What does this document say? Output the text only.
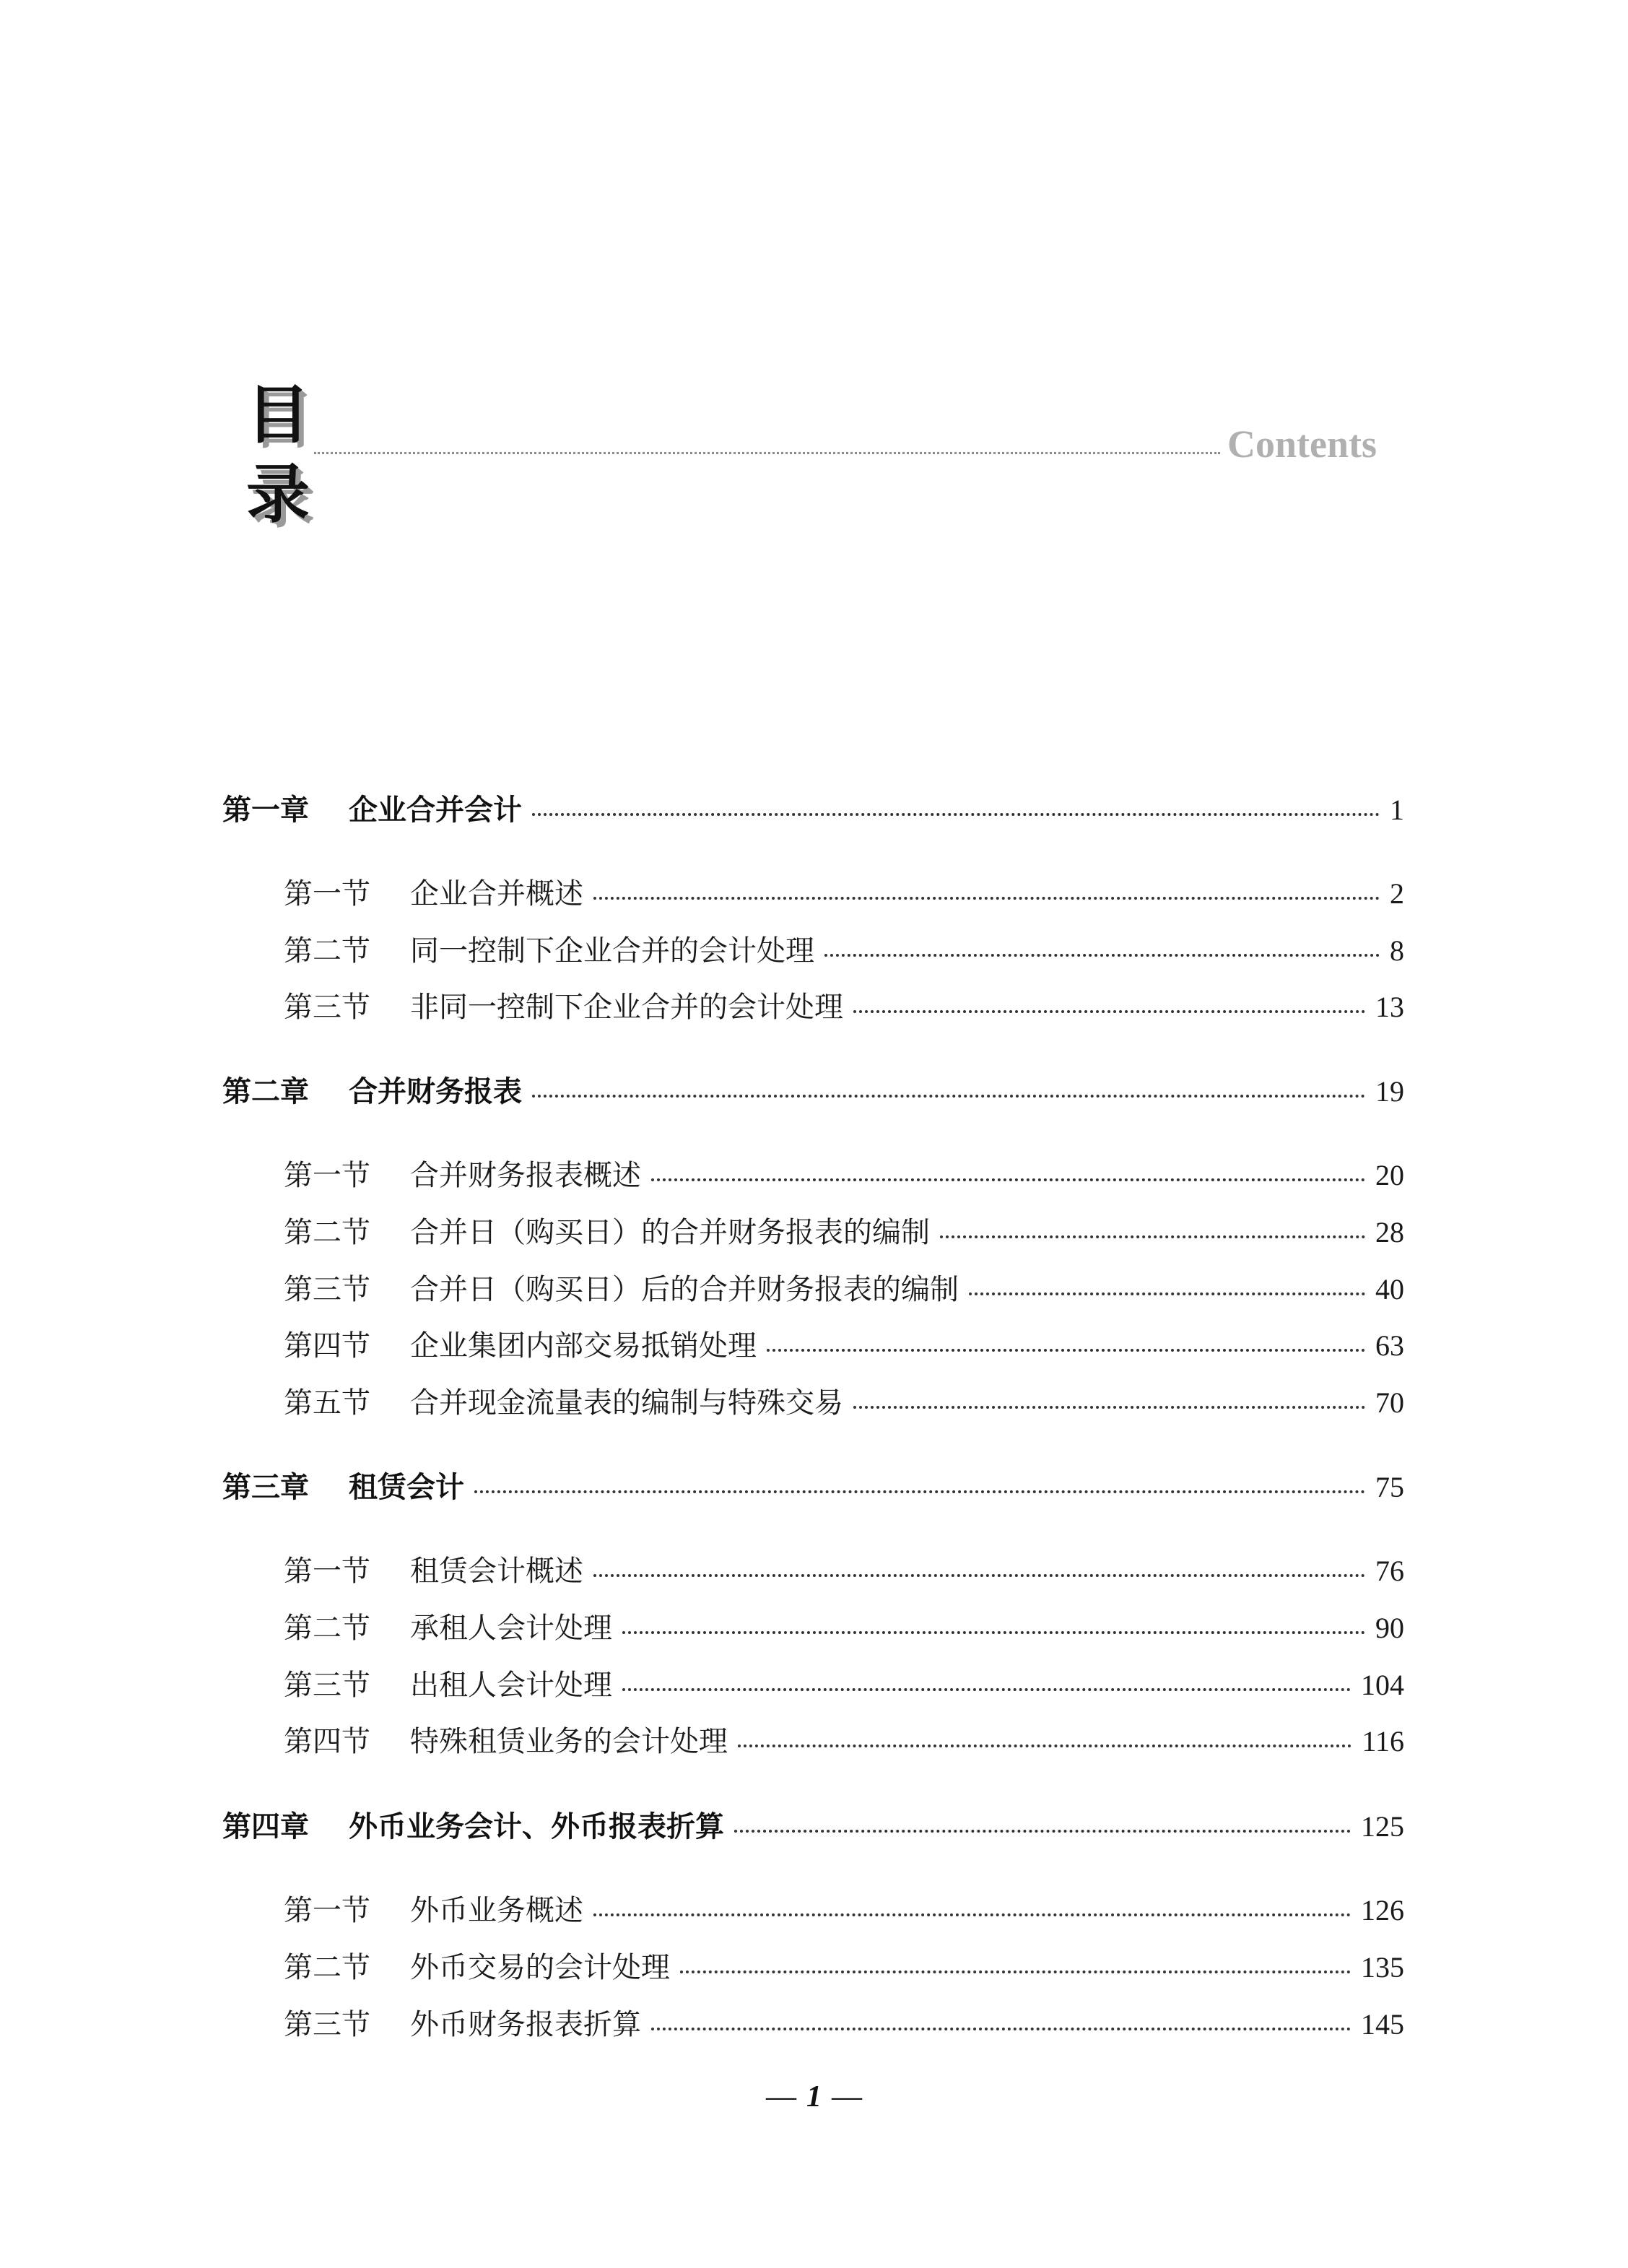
目
录
Contents
第一章 企业合并会计	1
第一节 企业合并概述	2
第二节 同一控制下企业合并的会计处理	8
第三节 非同一控制下企业合并的会计处理	13
第二章 合并财务报表	19
第一节 合并财务报表概述	20
第二节 合并日（购买日）的合并财务报表的编制	28
第三节 合并日（购买日）后的合并财务报表的编制	40
第四节 企业集团内部交易抵销处理	63
第五节 合并现金流量表的编制与特殊交易	70
第三章 租赁会计	75
第一节 租赁会计概述	76
第二节 承租人会计处理	90
第三节 出租人会计处理	104
第四节 特殊租赁业务的会计处理	116
第四章 外币业务会计、外币报表折算	125
第一节 外币业务概述	126
第二节 外币交易的会计处理	135
第三节 外币财务报表折算	145
— 1 —
